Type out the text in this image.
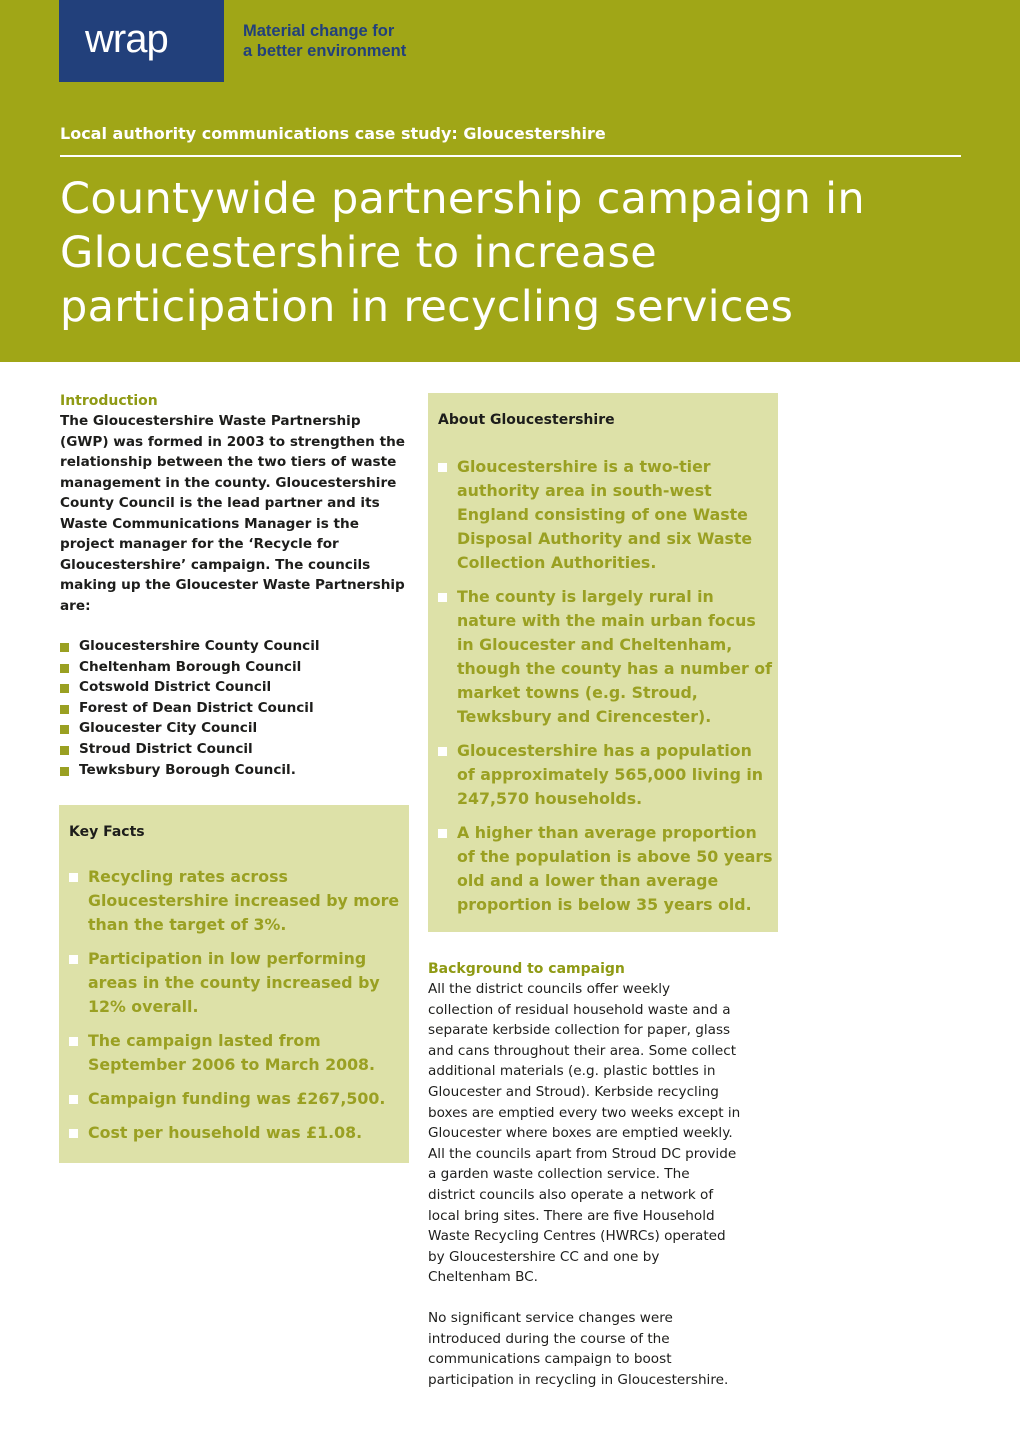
wrap	Material change for
a better environment
Local authority communications case study: Gloucestershire
Countywide partnership campaign in
Gloucestershire to increase
participation in recycling services
Introduction
The Gloucestershire Waste Partnership
(GWP) was formed in 2003 to strengthen the
relationship between the two tiers of waste
management in the county. Gloucestershire
County Council is the lead partner and its
Waste Communications Manager is the
project manager for the ‘Recycle for
Gloucestershire’ campaign. The councils
making up the Gloucester Waste Partnership
are:
Gloucestershire County Council
Cheltenham Borough Council
Cotswold District Council
Forest of Dean District Council
Gloucester City Council
Stroud District Council
Tewksbury Borough Council.
Key Facts
Recycling rates across
Gloucestershire increased by more
than the target of 3%.
Participation in low performing
areas in the county increased by
12% overall.
The campaign lasted from
September 2006 to March 2008.
Campaign funding was £267,500.
Cost per household was £1.08.
About Gloucestershire
Gloucestershire is a two-tier
authority area in south-west
England consisting of one Waste
Disposal Authority and six Waste
Collection Authorities.
The county is largely rural in
nature with the main urban focus
in Gloucester and Cheltenham,
though the county has a number of
market towns (e.g. Stroud,
Tewksbury and Cirencester).
Gloucestershire has a population
of approximately 565,000 living in
247,570 households.
A higher than average proportion
of the population is above 50 years
old and a lower than average
proportion is below 35 years old.
Background to campaign
All the district councils offer weekly
collection of residual household waste and a
separate kerbside collection for paper, glass
and cans throughout their area. Some collect
additional materials (e.g. plastic bottles in
Gloucester and Stroud). Kerbside recycling
boxes are emptied every two weeks except in
Gloucester where boxes are emptied weekly.
All the councils apart from Stroud DC provide
a garden waste collection service. The
district councils also operate a network of
local bring sites. There are five Household
Waste Recycling Centres (HWRCs) operated
by Gloucestershire CC and one by
Cheltenham BC.
No significant service changes were
introduced during the course of the
communications campaign to boost
participation in recycling in Gloucestershire.
